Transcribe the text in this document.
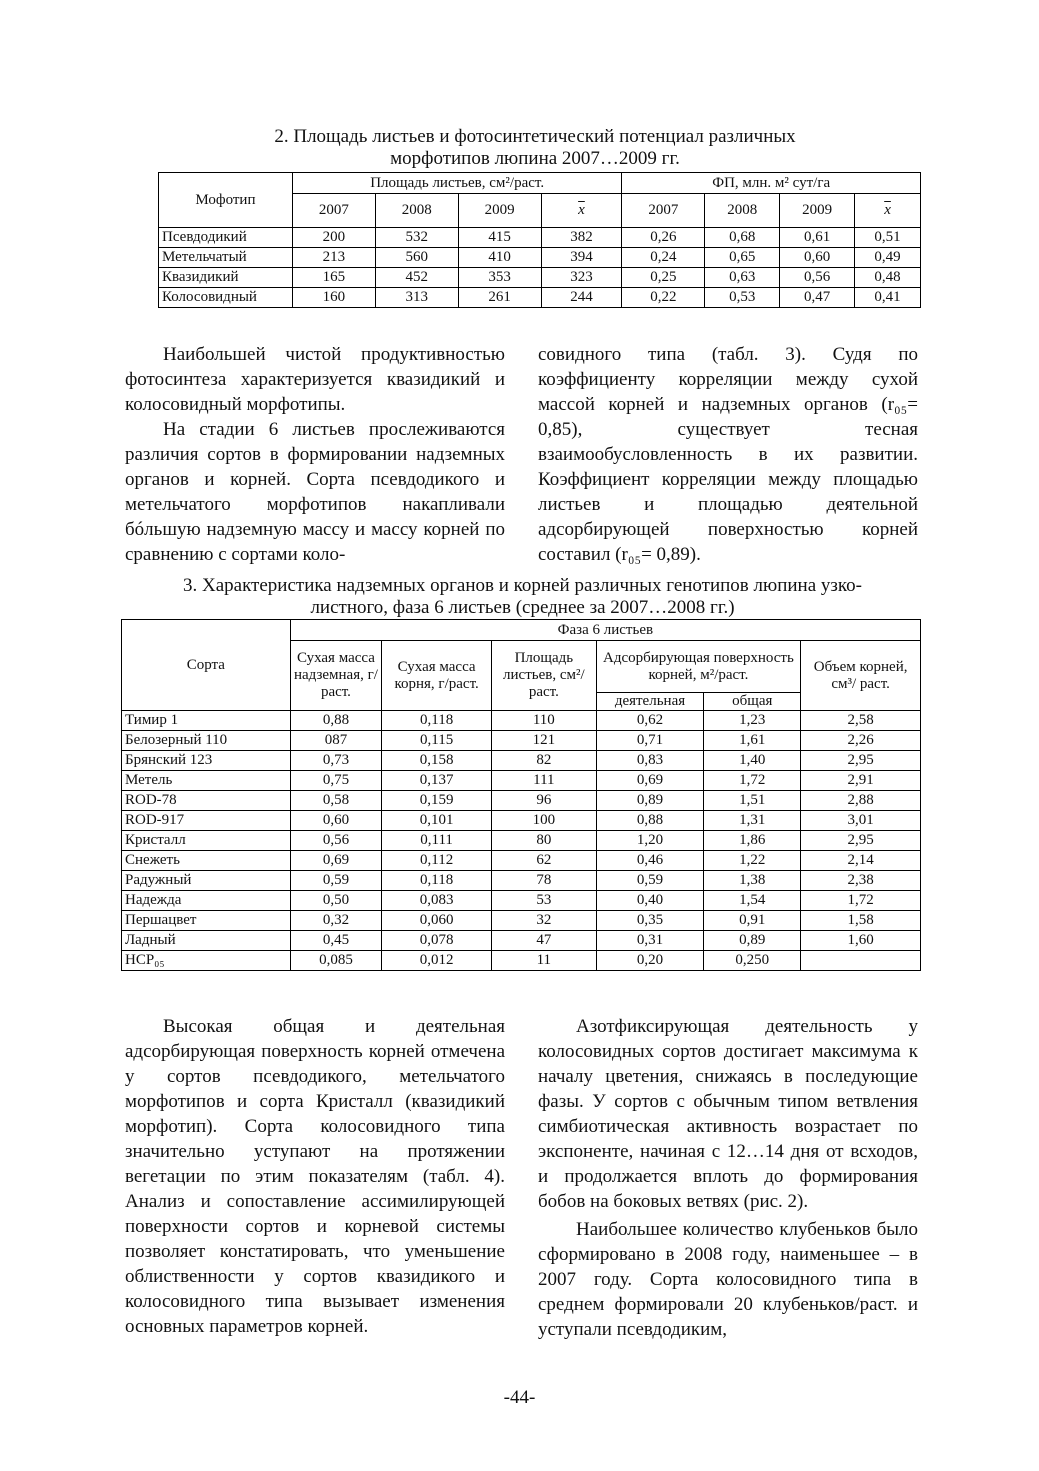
2. Площадь листьев и фотосинтетический потенциал различных
морфотипов люпина 2007…2009 гг.
Мофотип	Площадь листьев, см²/раст.				ФП, млн. м² сут/га			
	2007	2008	2009	$\overline{x}$	2007	2008	2009	$\overline{x}$
Псевдодикий	200	532	415	382	0,26	0,68	0,61	0,51
Метельчатый	213	560	410	394	0,24	0,65	0,60	0,49
Квазидикий	165	452	353	323	0,25	0,63	0,56	0,48
Колосовидный	160	313	261	244	0,22	0,53	0,47	0,41

Наибольшей чистой продуктивностью фотосинтеза характеризуется квазидикий и колосовидный морфотипы.

На стадии 6 листьев прослеживаются различия сортов в формировании надземных органов и корней. Сорта псевдодикого и метельчатого морфотипов накапливали бóльшую надземную массу и массу корней по сравнению с сортами коло-

совидного типа (табл. 3). Судя по коэффициенту корреляции между сухой массой корней и надземных органов (r₀₅= 0,85), существует тесная взаимообусловленность в их развитии. Коэффициент корреляции между площадью листьев и площадью деятельной адсорбирующей поверхностью корней составил (r₀₅= 0,89).

3. Характеристика надземных органов и корней различных генотипов люпина узко-
листного, фаза 6 листьев (среднее за 2007…2008 гг.)
Сорта	Фаза 6 листьев					
	Сухая масса надземная, г/раст.	Сухая масса корня, г/раст.	Площадь листьев, см²/ раст.	Адсорбирующая поверхность корней, м²/раст.		Объем корней, см³/ раст.
				деятельная	общая	
Тимир 1	0,88	0,118	110	0,62	1,23	2,58
Белозерный 110	087	0,115	121	0,71	1,61	2,26
Брянский 123	0,73	0,158	82	0,83	1,40	2,95
Метель	0,75	0,137	111	0,69	1,72	2,91
ROD-78	0,58	0,159	96	0,89	1,51	2,88
ROD-917	0,60	0,101	100	0,88	1,31	3,01
Кристалл	0,56	0,111	80	1,20	1,86	2,95
Снежеть	0,69	0,112	62	0,46	1,22	2,14
Радужный	0,59	0,118	78	0,59	1,38	2,38
Надежда	0,50	0,083	53	0,40	1,54	1,72
Першацвет	0,32	0,060	32	0,35	0,91	1,58
Ладный	0,45	0,078	47	0,31	0,89	1,60
НСР₀₅	0,085	0,012	11	0,20	0,250	

Высокая общая и деятельная адсорбирующая поверхность корней отмечена у сортов псевдодикого, метельчатого морфотипов и сорта Кристалл (квазидикий морфотип). Сорта колосовидного типа значительно уступают на протяжении вегетации по этим показателям (табл. 4). Анализ и сопоставление ассимилирующей поверхности сортов и корневой системы позволяет констатировать, что уменьшение облиственности у сортов квазидикого и колосовидного типа вызывает изменения основных параметров корней.

Азотфиксирующая деятельность у колосовидных сортов достигает максимума к началу цветения, снижаясь в последующие фазы. У сортов с обычным типом ветвления симбиотическая активность возрастает по экспоненте, начиная с 12…14 дня от всходов, и продолжается вплоть до формирования бобов на боковых ветвях (рис. 2).

Наибольшее количество клубеньков было сформировано в 2008 году, наименьшее – в 2007 году. Сорта колосовидного типа в среднем формировали 20 клубеньков/раст. и уступали псевдодиким,

-44-
